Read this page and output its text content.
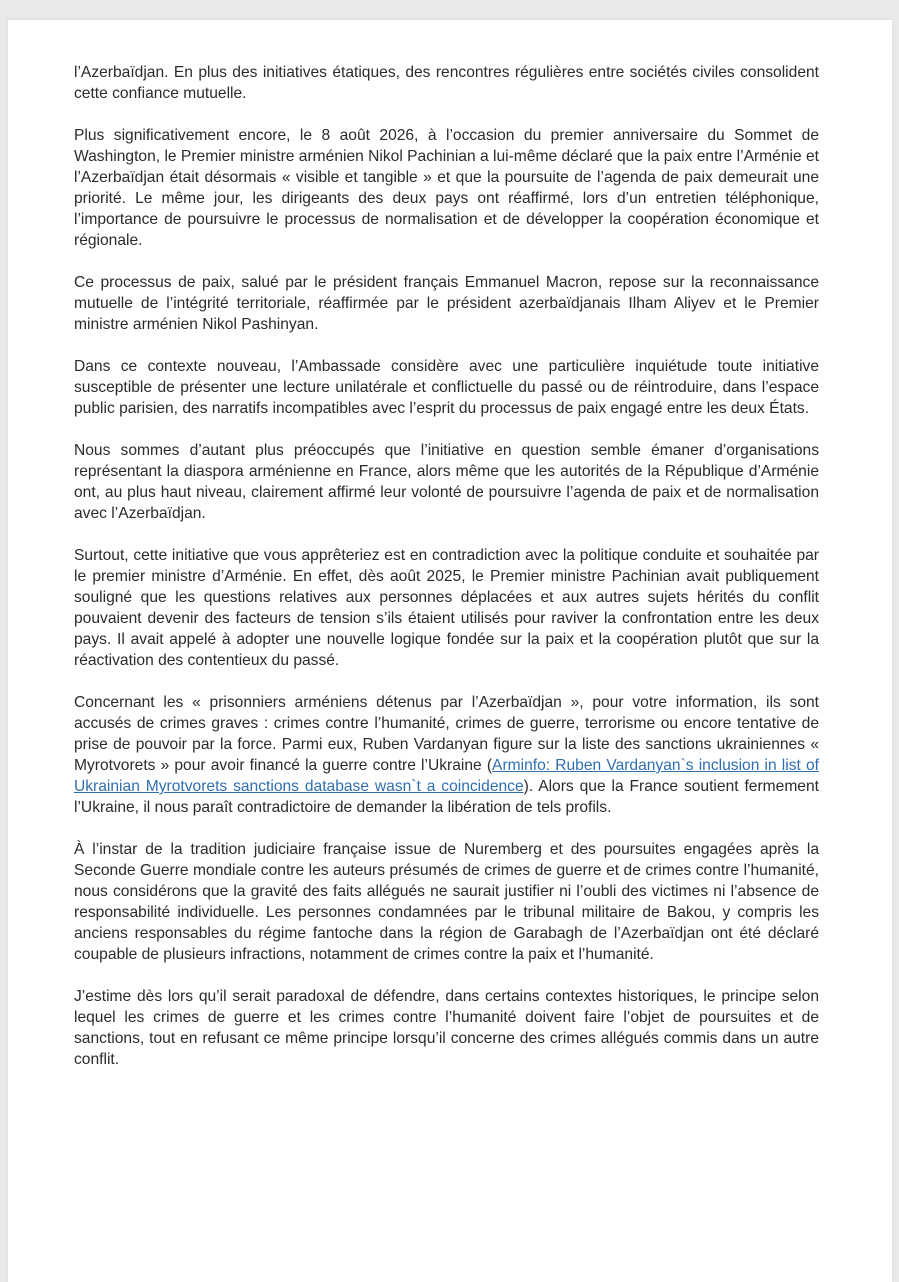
l’Azerbaïdjan. En plus des initiatives étatiques, des rencontres régulières entre sociétés civiles consolident cette confiance mutuelle.

Plus significativement encore, le 8 août 2026, à l’occasion du premier anniversaire du Sommet de Washington, le Premier ministre arménien Nikol Pachinian a lui-même déclaré que la paix entre l’Arménie et l’Azerbaïdjan était désormais « visible et tangible » et que la poursuite de l’agenda de paix demeurait une priorité. Le même jour, les dirigeants des deux pays ont réaffirmé, lors d’un entretien téléphonique, l’importance de poursuivre le processus de normalisation et de développer la coopération économique et régionale.

Ce processus de paix, salué par le président français Emmanuel Macron, repose sur la reconnaissance mutuelle de l’intégrité territoriale, réaffirmée par le président azerbaïdjanais Ilham Aliyev et le Premier ministre arménien Nikol Pashinyan.

Dans ce contexte nouveau, l’Ambassade considère avec une particulière inquiétude toute initiative susceptible de présenter une lecture unilatérale et conflictuelle du passé ou de réintroduire, dans l’espace public parisien, des narratifs incompatibles avec l’esprit du processus de paix engagé entre les deux États.

Nous sommes d’autant plus préoccupés que l’initiative en question semble émaner d’organisations représentant la diaspora arménienne en France, alors même que les autorités de la République d’Arménie ont, au plus haut niveau, clairement affirmé leur volonté de poursuivre l’agenda de paix et de normalisation avec l’Azerbaïdjan.

Surtout, cette initiative que vous apprêteriez est en contradiction avec la politique conduite et souhaitée par le premier ministre d’Arménie. En effet, dès août 2025, le Premier ministre Pachinian avait publiquement souligné que les questions relatives aux personnes déplacées et aux autres sujets hérités du conflit pouvaient devenir des facteurs de tension s’ils étaient utilisés pour raviver la confrontation entre les deux pays. Il avait appelé à adopter une nouvelle logique fondée sur la paix et la coopération plutôt que sur la réactivation des contentieux du passé.

Concernant les « prisonniers arméniens détenus par l’Azerbaïdjan », pour votre information, ils sont accusés de crimes graves : crimes contre l’humanité, crimes de guerre, terrorisme ou encore tentative de prise de pouvoir par la force. Parmi eux, Ruben Vardanyan figure sur la liste des sanctions ukrainiennes « Myrotvorets » pour avoir financé la guerre contre l’Ukraine (Arminfo: Ruben Vardanyan`s inclusion in list of Ukrainian Myrotvorets sanctions database wasn`t a coincidence). Alors que la France soutient fermement l’Ukraine, il nous paraît contradictoire de demander la libération de tels profils.

À l’instar de la tradition judiciaire française issue de Nuremberg et des poursuites engagées après la Seconde Guerre mondiale contre les auteurs présumés de crimes de guerre et de crimes contre l’humanité, nous considérons que la gravité des faits allégués ne saurait justifier ni l’oubli des victimes ni l’absence de responsabilité individuelle. Les personnes condamnées par le tribunal militaire de Bakou, y compris les anciens responsables du régime fantoche dans la région de Garabagh de l’Azerbaïdjan ont été déclaré coupable de plusieurs infractions, notamment de crimes contre la paix et l’humanité.

J’estime dès lors qu’il serait paradoxal de défendre, dans certains contextes historiques, le principe selon lequel les crimes de guerre et les crimes contre l’humanité doivent faire l’objet de poursuites et de sanctions, tout en refusant ce même principe lorsqu’il concerne des crimes allégués commis dans un autre conflit.
